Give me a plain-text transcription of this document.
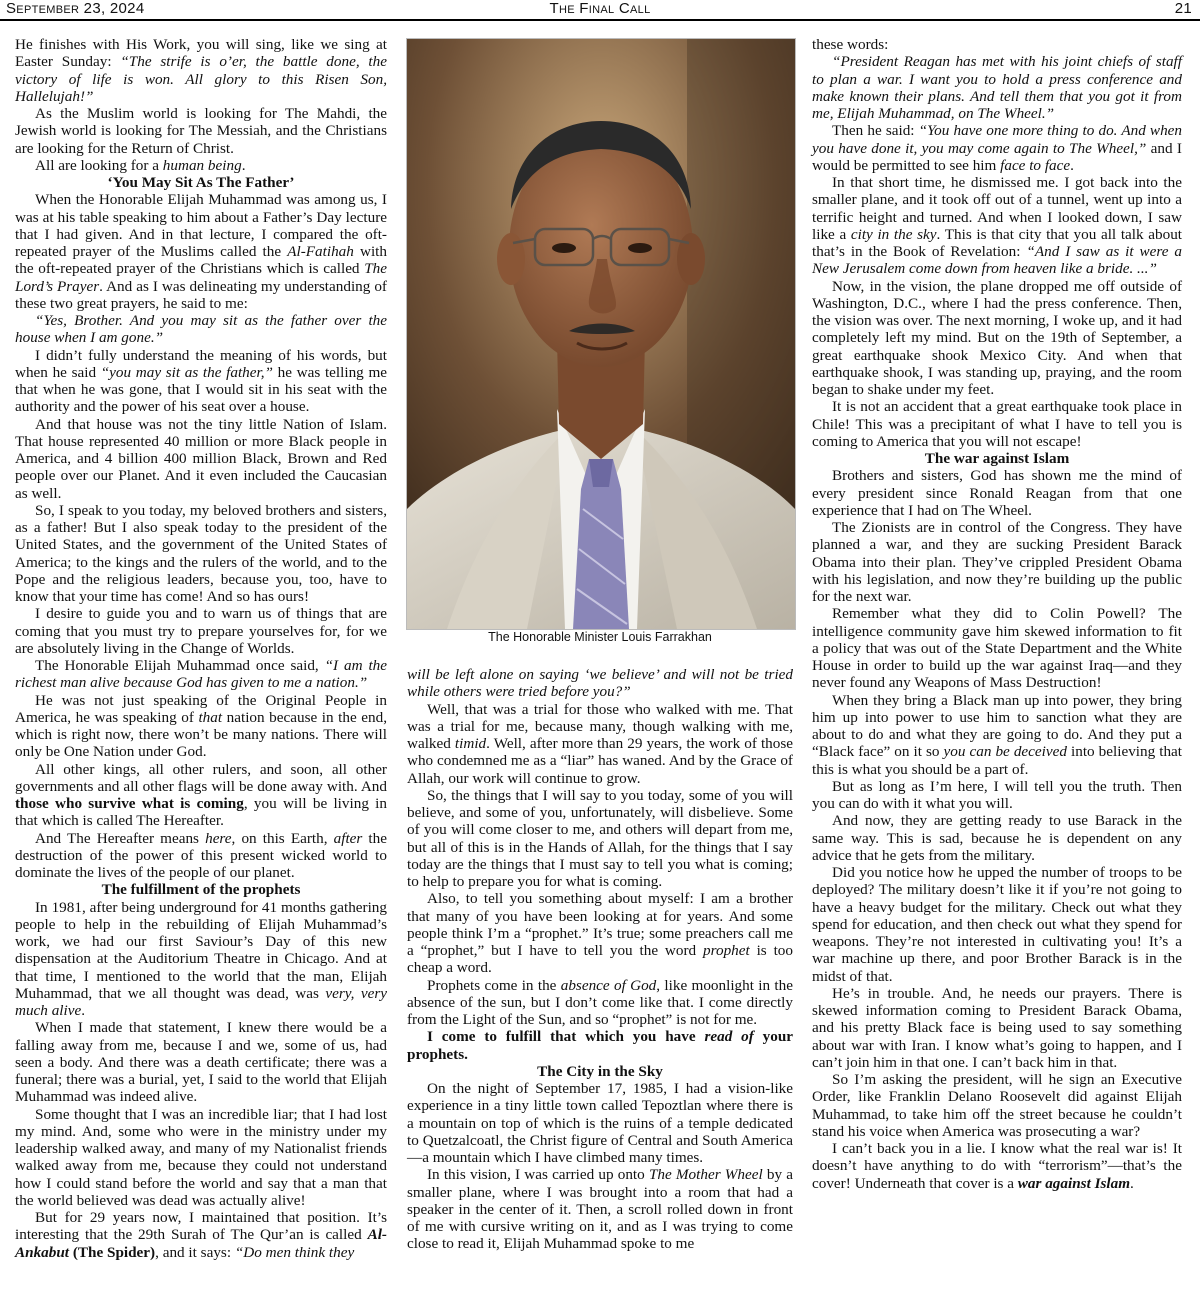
September 23, 2024	The Final Call	21

He finishes with His Work, you will sing, like we sing at Easter Sunday: “The strife is o’er, the battle done, the victory of life is won. All glory to this Risen Son, Hallelujah!”

As the Muslim world is looking for The Mahdi, the Jewish world is looking for The Messiah, and the Christians are looking for the Return of Christ.

All are looking for a human being.

‘You May Sit As The Father’

When the Honorable Elijah Muhammad was among us, I was at his table speaking to him about a Father’s Day lecture that I had given. And in that lecture, I compared the oft-repeated prayer of the Muslims called the Al-Fatihah with the oft-repeated prayer of the Christians which is called The Lord’s Prayer. And as I was delineating my understanding of these two great prayers, he said to me:

“Yes, Brother. And you may sit as the father over the house when I am gone.”

I didn’t fully understand the meaning of his words, but when he said “you may sit as the father,” he was telling me that when he was gone, that I would sit in his seat with the authority and the power of his seat over a house.

And that house was not the tiny little Nation of Islam. That house represented 40 million or more Black people in America, and 4 billion 400 million Black, Brown and Red people over our Planet. And it even included the Caucasian as well.

So, I speak to you today, my beloved brothers and sisters, as a father! But I also speak today to the president of the United States, and the government of the United States of America; to the kings and the rulers of the world, and to the Pope and the religious leaders, because you, too, have to know that your time has come! And so has ours!

I desire to guide you and to warn us of things that are coming that you must try to prepare yourselves for, for we are absolutely living in the Change of Worlds.

The Honorable Elijah Muhammad once said, “I am the richest man alive because God has given to me a nation.”

He was not just speaking of the Original People in America, he was speaking of that nation because in the end, which is right now, there won’t be many nations. There will only be One Nation under God.

All other kings, all other rulers, and soon, all other governments and all other flags will be done away with. And those who survive what is coming, you will be living in that which is called The Hereafter.

And The Hereafter means here, on this Earth, after the destruction of the power of this present wicked world to dominate the lives of the people of our planet.

The fulfillment of the prophets

In 1981, after being underground for 41 months gathering people to help in the rebuilding of Elijah Muhammad’s work, we had our first Saviour’s Day of this new dispensation at the Auditorium Theatre in Chicago. And at that time, I mentioned to the world that the man, Elijah Muhammad, that we all thought was dead, was very, very much alive.

When I made that statement, I knew there would be a falling away from me, because I and we, some of us, had seen a body. And there was a death certificate; there was a funeral; there was a burial, yet, I said to the world that Elijah Muhammad was indeed alive.

Some thought that I was an incredible liar; that I had lost my mind. And, some who were in the ministry under my leadership walked away, and many of my Nationalist friends walked away from me, because they could not understand how I could stand before the world and say that a man that the world believed was dead was actually alive!

But for 29 years now, I maintained that position. It’s interesting that the 29th Surah of The Qur’an is called Al-Ankabut (The Spider), and it says: “Do men think they

The Honorable Minister Louis Farrakhan

will be left alone on saying ‘we believe’ and will not be tried while others were tried before you?”

Well, that was a trial for those who walked with me. That was a trial for me, because many, though walking with me, walked timid. Well, after more than 29 years, the work of those who condemned me as a “liar” has waned. And by the Grace of Allah, our work will continue to grow.

So, the things that I will say to you today, some of you will believe, and some of you, unfortunately, will disbelieve. Some of you will come closer to me, and others will depart from me, but all of this is in the Hands of Allah, for the things that I say today are the things that I must say to tell you what is coming; to help to prepare you for what is coming.

Also, to tell you something about myself: I am a brother that many of you have been looking at for years. And some people think I’m a “prophet.” It’s true; some preachers call me a “prophet,” but I have to tell you the word prophet is too cheap a word.

Prophets come in the absence of God, like moonlight in the absence of the sun, but I don’t come like that. I come directly from the Light of the Sun, and so “prophet” is not for me.

I come to fulfill that which you have read of your prophets.

The City in the Sky

On the night of September 17, 1985, I had a vision-like experience in a tiny little town called Tepoztlan where there is a mountain on top of which is the ruins of a temple dedicated to Quetzalcoatl, the Christ figure of Central and South America—a mountain which I have climbed many times.

In this vision, I was carried up onto The Mother Wheel by a smaller plane, where I was brought into a room that had a speaker in the center of it. Then, a scroll rolled down in front of me with cursive writing on it, and as I was trying to come close to read it, Elijah Muhammad spoke to me

these words:

“President Reagan has met with his joint chiefs of staff to plan a war. I want you to hold a press conference and make known their plans. And tell them that you got it from me, Elijah Muhammad, on The Wheel.”

Then he said: “You have one more thing to do. And when you have done it, you may come again to The Wheel,” and I would be permitted to see him face to face.

In that short time, he dismissed me. I got back into the smaller plane, and it took off out of a tunnel, went up into a terrific height and turned. And when I looked down, I saw like a city in the sky. This is that city that you all talk about that’s in the Book of Revelation: “And I saw as it were a New Jerusalem come down from heaven like a bride. ...”

Now, in the vision, the plane dropped me off outside of Washington, D.C., where I had the press conference. Then, the vision was over. The next morning, I woke up, and it had completely left my mind. But on the 19th of September, a great earthquake shook Mexico City. And when that earthquake shook, I was standing up, praying, and the room began to shake under my feet.

It is not an accident that a great earthquake took place in Chile! This was a precipitant of what I have to tell you is coming to America that you will not escape!

The war against Islam

Brothers and sisters, God has shown me the mind of every president since Ronald Reagan from that one experience that I had on The Wheel.

The Zionists are in control of the Congress. They have planned a war, and they are sucking President Barack Obama into their plan. They’ve crippled President Obama with his legislation, and now they’re building up the public for the next war.

Remember what they did to Colin Powell? The intelligence community gave him skewed information to fit a policy that was out of the State Department and the White House in order to build up the war against Iraq—and they never found any Weapons of Mass Destruction!

When they bring a Black man up into power, they bring him up into power to use him to sanction what they are about to do and what they are going to do. And they put a “Black face” on it so you can be deceived into believing that this is what you should be a part of.

But as long as I’m here, I will tell you the truth. Then you can do with it what you will.

And now, they are getting ready to use Barack in the same way. This is sad, because he is dependent on any advice that he gets from the military.

Did you notice how he upped the number of troops to be deployed? The military doesn’t like it if you’re not going to have a heavy budget for the military. Check out what they spend for education, and then check out what they spend for weapons. They’re not interested in cultivating you! It’s a war machine up there, and poor Brother Barack is in the midst of that.

He’s in trouble. And, he needs our prayers. There is skewed information coming to President Barack Obama, and his pretty Black face is being used to say something about war with Iran. I know what’s going to happen, and I can’t join him in that one. I can’t back him in that.

So I’m asking the president, will he sign an Executive Order, like Franklin Delano Roosevelt did against Elijah Muhammad, to take him off the street because he couldn’t stand his voice when America was prosecuting a war?

I can’t back you in a lie. I know what the real war is! It doesn’t have anything to do with “terrorism”—that’s the cover! Underneath that cover is a war against Islam.
